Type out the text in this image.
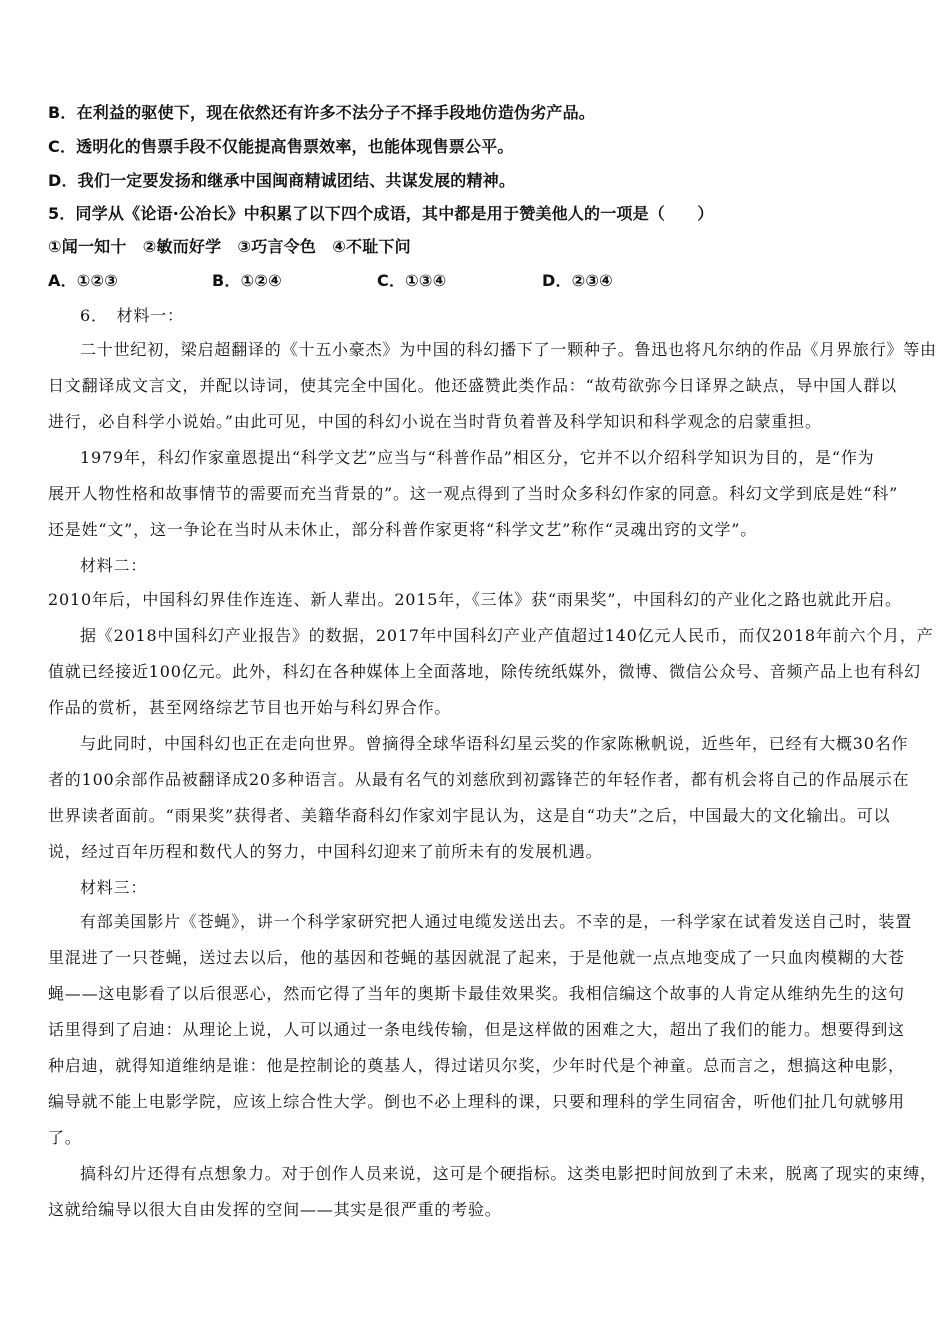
B．在利益的驱使下，现在依然还有许多不法分子不择手段地仿造伪劣产品。
C．透明化的售票手段不仅能提高售票效率，也能体现售票公平。
D．我们一定要发扬和继承中国闽商精诚团结、共谋发展的精神。
5．同学从《论语·公冶长》中积累了以下四个成语，其中都是用于赞美他人的一项是（　　）
①闻一知十　②敏而好学　③巧言令色　④不耻下问
A．①②③	B．①②④	C．①③④	D．②③④
6．　材料一：
二十世纪初，梁启超翻译的《十五小豪杰》为中国的科幻播下了一颗种子。鲁迅也将凡尔纳的作品《月界旅行》等由
日文翻译成文言文，并配以诗词，使其完全中国化。他还盛赞此类作品：“故苟欲弥今日译界之缺点，导中国人群以
进行，必自科学小说始。”由此可见，中国的科幻小说在当时背负着普及科学知识和科学观念的启蒙重担。
1979年，科幻作家童恩提出“科学文艺”应当与“科普作品”相区分，它并不以介绍科学知识为目的，是“作为
展开人物性格和故事情节的需要而充当背景的”。这一观点得到了当时众多科幻作家的同意。科幻文学到底是姓“科”
还是姓“文”，这一争论在当时从未休止，部分科普作家更将“科学文艺”称作“灵魂出窍的文学”。
材料二：
2010年后，中国科幻界佳作连连、新人辈出。2015年，《三体》获“雨果奖”，中国科幻的产业化之路也就此开启。
据《2018中国科幻产业报告》的数据，2017年中国科幻产业产值超过140亿元人民币，而仅2018年前六个月，产
值就已经接近100亿元。此外，科幻在各种媒体上全面落地，除传统纸媒外，微博、微信公众号、音频产品上也有科幻
作品的赏析，甚至网络综艺节目也开始与科幻界合作。
与此同时，中国科幻也正在走向世界。曾摘得全球华语科幻星云奖的作家陈楸帆说，近些年，已经有大概30名作
者的100余部作品被翻译成20多种语言。从最有名气的刘慈欣到初露锋芒的年轻作者，都有机会将自己的作品展示在
世界读者面前。“雨果奖”获得者、美籍华裔科幻作家刘宇昆认为，这是自“功夫”之后，中国最大的文化输出。可以
说，经过百年历程和数代人的努力，中国科幻迎来了前所未有的发展机遇。
材料三：
有部美国影片《苍蝇》，讲一个科学家研究把人通过电缆发送出去。不幸的是，一科学家在试着发送自己时，装置
里混进了一只苍蝇，送过去以后，他的基因和苍蝇的基因就混了起来，于是他就一点点地变成了一只血肉模糊的大苍
蝇——这电影看了以后很恶心，然而它得了当年的奥斯卡最佳效果奖。我相信编这个故事的人肯定从维纳先生的这句
话里得到了启迪：从理论上说，人可以通过一条电线传输，但是这样做的困难之大，超出了我们的能力。想要得到这
种启迪，就得知道维纳是谁：他是控制论的奠基人，得过诺贝尔奖，少年时代是个神童。总而言之，想搞这种电影，
编导就不能上电影学院，应该上综合性大学。倒也不必上理科的课，只要和理科的学生同宿舍，听他们扯几句就够用
了。
搞科幻片还得有点想象力。对于创作人员来说，这可是个硬指标。这类电影把时间放到了未来，脱离了现实的束缚，
这就给编导以很大自由发挥的空间——其实是很严重的考验。
